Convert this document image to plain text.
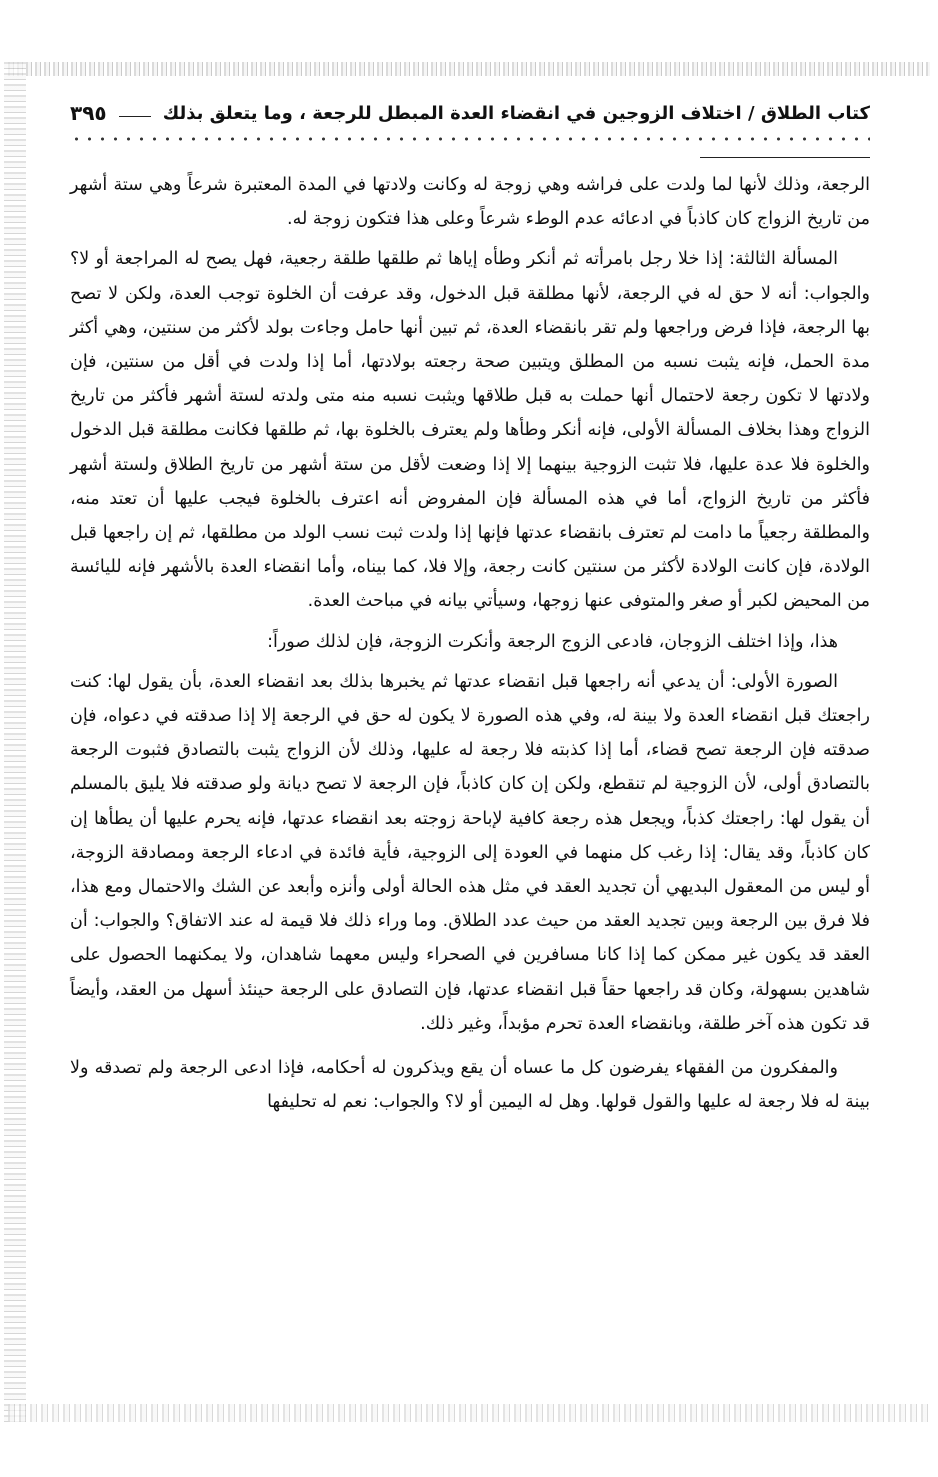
كتاب الطلاق / اختلاف الزوجين في انقضاء العدة المبطل للرجعة ، وما يتعلق بذلك
٣٩٥

الرجعة، وذلك لأنها لما ولدت على فراشه وهي زوجة له وكانت ولادتها في المدة المعتبرة شرعاً وهي ستة أشهر من تاريخ الزواج كان كاذباً في ادعائه عدم الوطء شرعاً وعلى هذا فتكون زوجة له.

المسألة الثالثة: إذا خلا رجل بامرأته ثم أنكر وطأه إياها ثم طلقها طلقة رجعية، فهل يصح له المراجعة أو لا؟ والجواب: أنه لا حق له في الرجعة، لأنها مطلقة قبل الدخول، وقد عرفت أن الخلوة توجب العدة، ولكن لا تصح بها الرجعة، فإذا فرض وراجعها ولم تقر بانقضاء العدة، ثم تبين أنها حامل وجاءت بولد لأكثر من سنتين، وهي أكثر مدة الحمل، فإنه يثبت نسبه من المطلق ويتبين صحة رجعته بولادتها، أما إذا ولدت في أقل من سنتين، فإن ولادتها لا تكون رجعة لاحتمال أنها حملت به قبل طلاقها ويثبت نسبه منه متى ولدته لستة أشهر فأكثر من تاريخ الزواج وهذا بخلاف المسألة الأولى، فإنه أنكر وطأها ولم يعترف بالخلوة بها، ثم طلقها فكانت مطلقة قبل الدخول والخلوة فلا عدة عليها، فلا تثبت الزوجية بينهما إلا إذا وضعت لأقل من ستة أشهر من تاريخ الطلاق ولستة أشهر فأكثر من تاريخ الزواج، أما في هذه المسألة فإن المفروض أنه اعترف بالخلوة فيجب عليها أن تعتد منه، والمطلقة رجعياً ما دامت لم تعترف بانقضاء عدتها فإنها إذا ولدت ثبت نسب الولد من مطلقها، ثم إن راجعها قبل الولادة، فإن كانت الولادة لأكثر من سنتين كانت رجعة، وإلا فلا، كما بيناه، وأما انقضاء العدة بالأشهر فإنه لليائسة من المحيض لكبر أو صغر والمتوفى عنها زوجها، وسيأتي بيانه في مباحث العدة.

هذا، وإذا اختلف الزوجان، فادعى الزوج الرجعة وأنكرت الزوجة، فإن لذلك صوراً:

الصورة الأولى: أن يدعي أنه راجعها قبل انقضاء عدتها ثم يخبرها بذلك بعد انقضاء العدة، بأن يقول لها: كنت راجعتك قبل انقضاء العدة ولا بينة له، وفي هذه الصورة لا يكون له حق في الرجعة إلا إذا صدقته في دعواه، فإن صدقته فإن الرجعة تصح قضاء، أما إذا كذبته فلا رجعة له عليها، وذلك لأن الزواج يثبت بالتصادق فثبوت الرجعة بالتصادق أولى، لأن الزوجية لم تنقطع، ولكن إن كان كاذباً، فإن الرجعة لا تصح ديانة ولو صدقته فلا يليق بالمسلم أن يقول لها: راجعتك كذباً، ويجعل هذه رجعة كافية لإباحة زوجته بعد انقضاء عدتها، فإنه يحرم عليها أن يطأها إن كان كاذباً، وقد يقال: إذا رغب كل منهما في العودة إلى الزوجية، فأية فائدة في ادعاء الرجعة ومصادقة الزوجة، أو ليس من المعقول البديهي أن تجديد العقد في مثل هذه الحالة أولى وأنزه وأبعد عن الشك والاحتمال ومع هذا، فلا فرق بين الرجعة وبين تجديد العقد من حيث عدد الطلاق. وما وراء ذلك فلا قيمة له عند الاتفاق؟ والجواب: أن العقد قد يكون غير ممكن كما إذا كانا مسافرين في الصحراء وليس معهما شاهدان، ولا يمكنهما الحصول على شاهدين بسهولة، وكان قد راجعها حقاً قبل انقضاء عدتها، فإن التصادق على الرجعة حينئذ أسهل من العقد، وأيضاً قد تكون هذه آخر طلقة، وبانقضاء العدة تحرم مؤبداً، وغير ذلك.

والمفكرون من الفقهاء يفرضون كل ما عساه أن يقع ويذكرون له أحكامه، فإذا ادعى الرجعة ولم تصدقه ولا بينة له فلا رجعة له عليها والقول قولها. وهل له اليمين أو لا؟ والجواب: نعم له تحليفها
